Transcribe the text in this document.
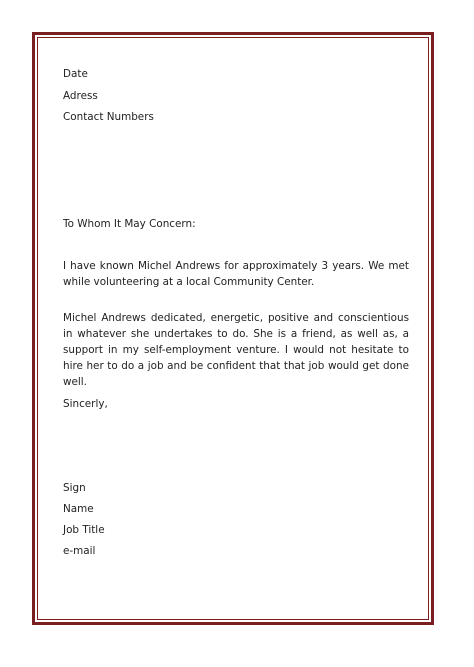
Date
Adress
Contact Numbers
To Whom It May Concern:
I have known Michel Andrews for approximately 3 years. We met while volunteering at a local Community Center.
Michel Andrews dedicated, energetic, positive and conscientious in whatever she undertakes to do. She is a friend, as well as, a support in my self-employment venture. I would not hesitate to hire her to do a job and be confident that that job would get done well.
Sincerly,
Sign
Name
Job Title
e-mail
